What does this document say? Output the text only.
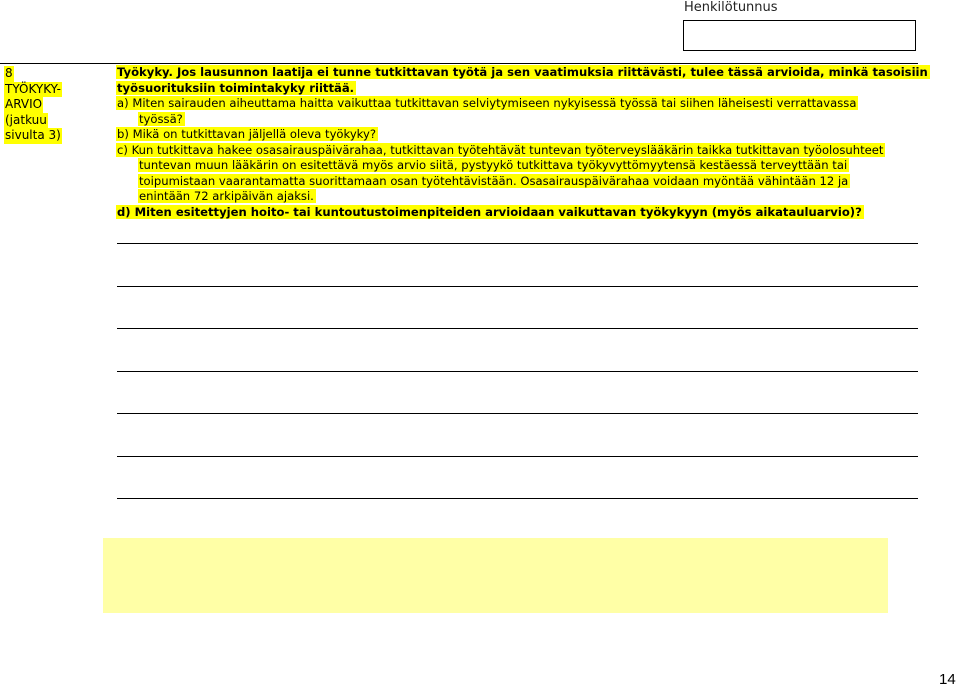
Henkilötunnus
8
TYÖKYKY-
ARVIO
(jatkuu
sivulta 3)
Työkyky. Jos lausunnon laatija ei tunne tutkittavan työtä ja sen vaatimuksia riittävästi, tulee tässä arvioida, minkä tasoisiin
työsuorituksiin toimintakyky riittää.
a) Miten sairauden aiheuttama haitta vaikuttaa tutkittavan selviytymiseen nykyisessä työssä tai siihen läheisesti verrattavassa
työssä?
b) Mikä on tutkittavan jäljellä oleva työkyky?
c) Kun tutkittava hakee osasairauspäivärahaa, tutkittavan työtehtävät tuntevan työterveyslääkärin taikka tutkittavan työolosuhteet
tuntevan muun lääkärin on esitettävä myös arvio siitä, pystyykö tutkittava työkyvyttömyytensä kestäessä terveyttään tai
toipumistaan vaarantamatta suorittamaan osan työtehtävistään. Osasairauspäivärahaa voidaan myöntää vähintään 12 ja
enintään 72 arkipäivän ajaksi.
d) Miten esitettyjen hoito- tai kuntoutustoimenpiteiden arvioidaan vaikuttavan työkykyyn (myös aikatauluarvio)?
14
